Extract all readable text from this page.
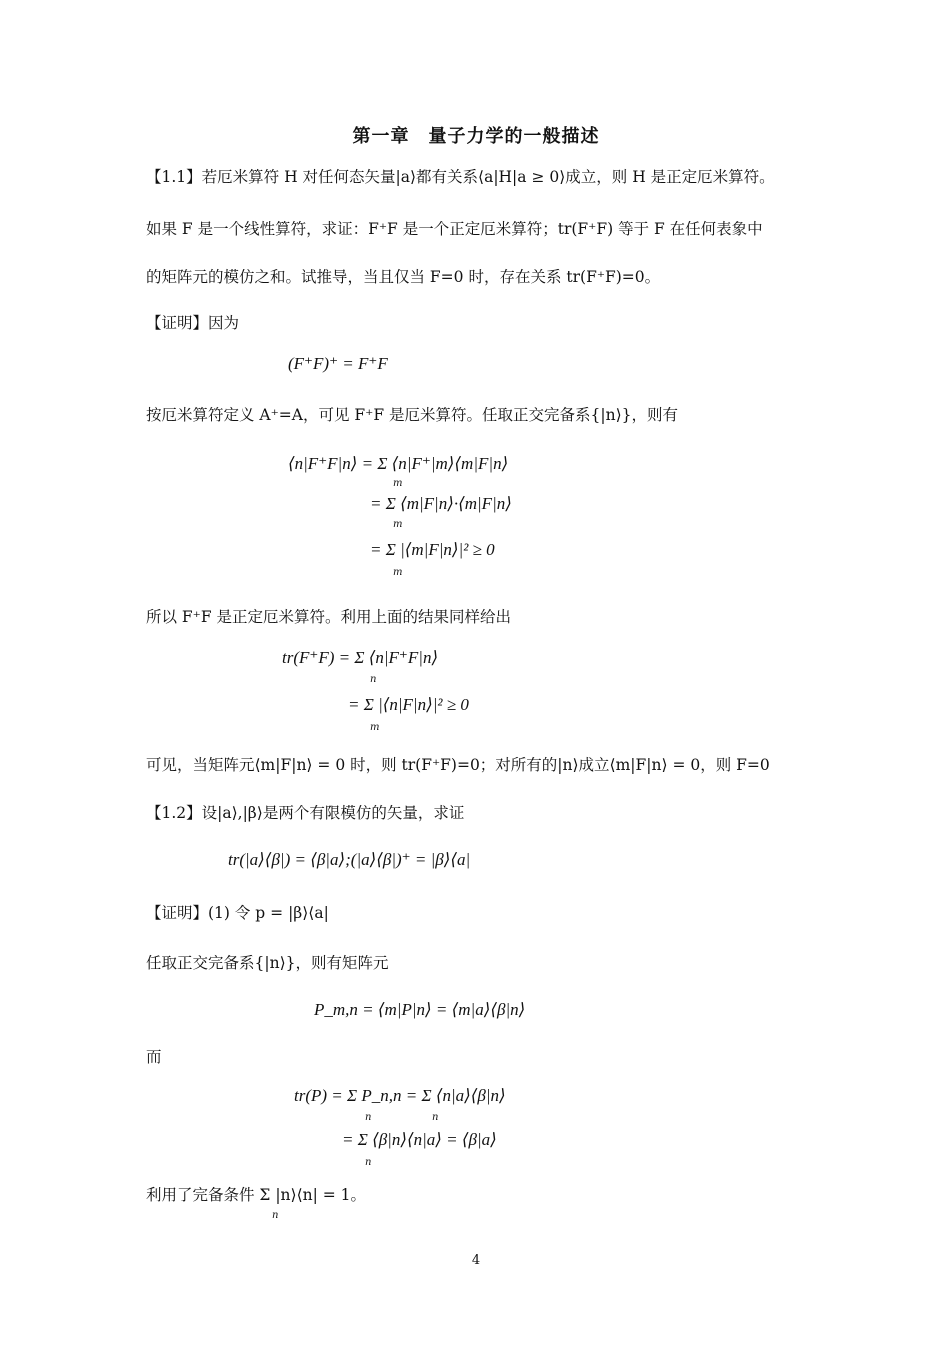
第一章　量子力学的一般描述
【1.1】若厄米算符 H 对任何态矢量|a⟩都有关系⟨a|H|a ≥ 0⟩成立，则 H 是正定厄米算符。
如果 F 是一个线性算符，求证：F⁺F 是一个正定厄米算符；tr(F⁺F) 等于 F 在任何表象中
的矩阵元的模仿之和。试推导，当且仅当 F=0 时，存在关系 tr(F⁺F)=0。
【证明】因为
(F⁺F)⁺ = F⁺F
按厄米算符定义 A⁺=A，可见 F⁺F 是厄米算符。任取正交完备系{|n⟩}，则有
⟨n|F⁺F|n⟩ = Σ ⟨n|F⁺|m⟩⟨m|F|n⟩
m
= Σ ⟨m|F|n⟩·⟨m|F|n⟩
m
= Σ |⟨m|F|n⟩|² ≥ 0
m
所以 F⁺F 是正定厄米算符。利用上面的结果同样给出
tr(F⁺F) = Σ ⟨n|F⁺F|n⟩
n
= Σ |⟨n|F|n⟩|² ≥ 0
m
可见，当矩阵元⟨m|F|n⟩ = 0 时，则 tr(F⁺F)=0；对所有的|n⟩成立⟨m|F|n⟩ = 0，则 F=0
【1.2】设|a⟩,|β⟩是两个有限模仿的矢量，求证
tr(|a⟩⟨β|) = ⟨β|a⟩;(|a⟩⟨β|)⁺ = |β⟩⟨a|
【证明】(1) 令 p = |β⟩⟨a|
任取正交完备系{|n⟩}，则有矩阵元
P_m,n = ⟨m|P|n⟩ = ⟨m|a⟩⟨β|n⟩
而
tr(P) = Σ P_n,n = Σ ⟨n|a⟩⟨β|n⟩
n	n
= Σ ⟨β|n⟩⟨n|a⟩ = ⟨β|a⟩
n
利用了完备条件 Σ |n⟩⟨n| = 1。
n
4
